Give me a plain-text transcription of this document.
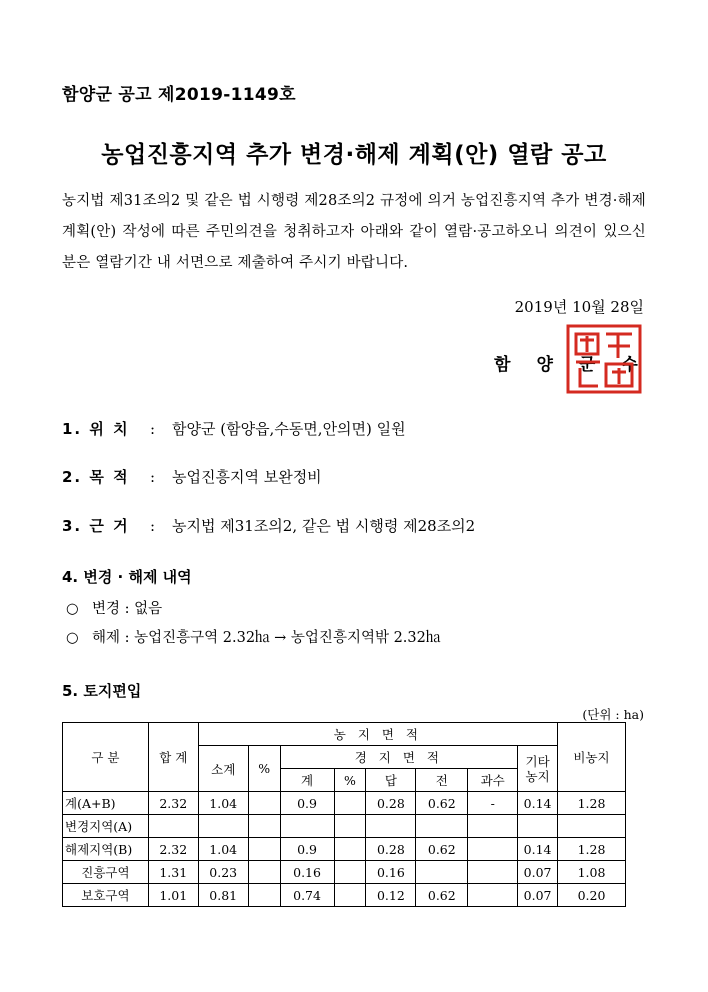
함양군 공고 제2019-1149호
농업진흥지역 추가 변경·해제 계획(안) 열람 공고
농지법 제31조의2 및 같은 법 시행령 제28조의2 규정에 의거 농업진흥지역 추가 변경·해제 계획(안) 작성에 따른 주민의견을 청취하고자 아래와 같이 열람·공고하오니 의견이 있으신 분은 열람기간 내 서면으로 제출하여 주시기 바랍니다.
2019년 10월 28일
함 양 군 수
1. 위 치 : 함양군 (함양읍,수동면,안의면) 일원
2. 목 적 : 농업진흥지역 보완정비
3. 근 거 : 농지법 제31조의2, 같은 법 시행령 제28조의2
4. 변경 · 해제 내역
○ 변경 : 없음
○ 해제 : 농업진흥구역 2.32㏊ → 농업진흥지역밖 2.32㏊
5. 토지편입
(단위 : ha)
구 분	합 계	농 지 면 적								비농지
		소계	%	경 지 면 적					기타 농지	
				계	%	답	전	과수		
계(A+B)	2.32	1.04		0.9		0.28	0.62	-	0.14	1.28
변경지역(A)										
해제지역(B)	2.32	1.04		0.9		0.28	0.62		0.14	1.28
진흥구역	1.31	0.23		0.16		0.16			0.07	1.08
보호구역	1.01	0.81		0.74		0.12	0.62		0.07	0.20
